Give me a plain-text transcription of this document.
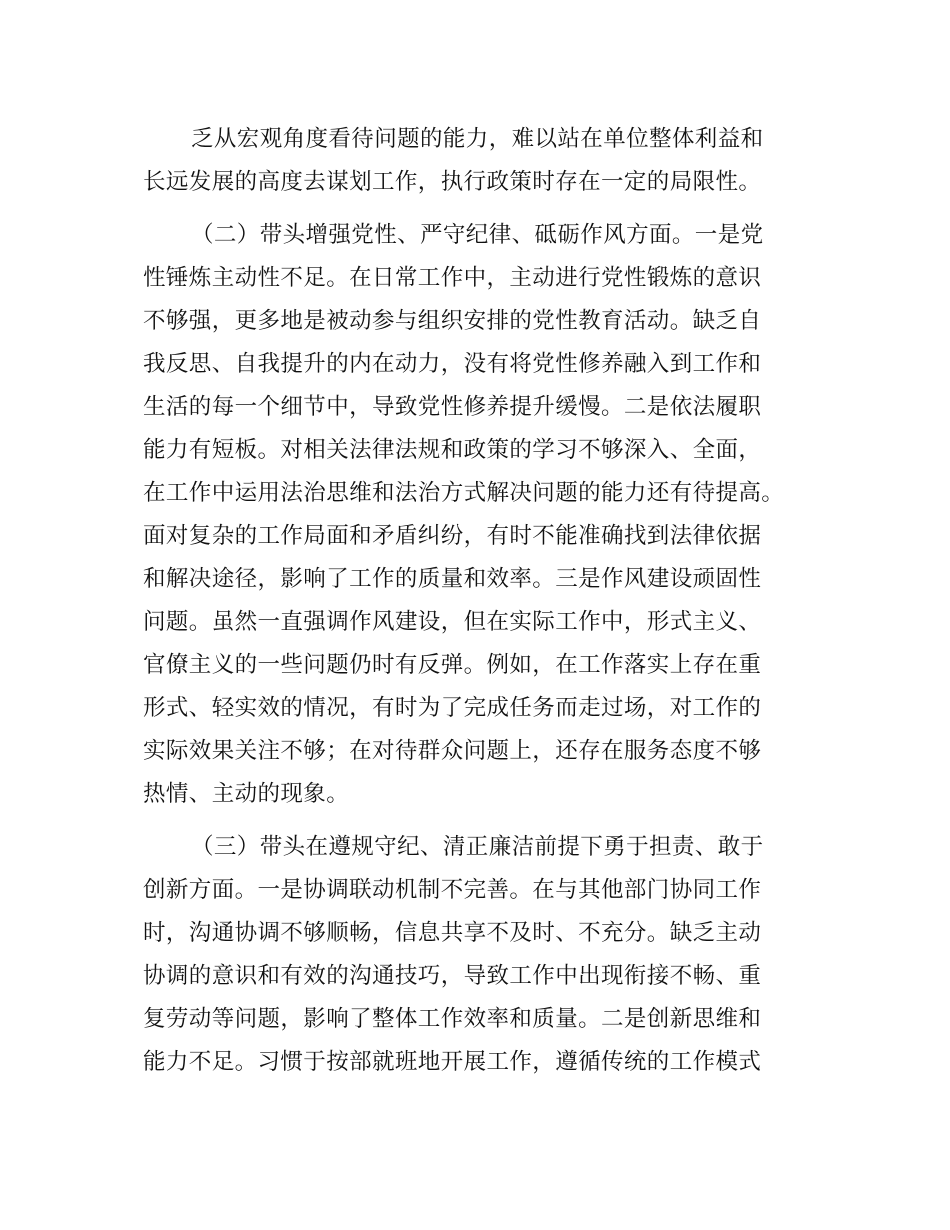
乏从宏观角度看待问题的能力，难以站在单位整体利益和
长远发展的高度去谋划工作，执行政策时存在一定的局限性。
（二）带头增强党性、严守纪律、砥砺作风方面。一是党
性锤炼主动性不足。在日常工作中，主动进行党性锻炼的意识
不够强，更多地是被动参与组织安排的党性教育活动。缺乏自
我反思、自我提升的内在动力，没有将党性修养融入到工作和
生活的每一个细节中，导致党性修养提升缓慢。二是依法履职
能力有短板。对相关法律法规和政策的学习不够深入、全面，
在工作中运用法治思维和法治方式解决问题的能力还有待提高。
面对复杂的工作局面和矛盾纠纷，有时不能准确找到法律依据
和解决途径，影响了工作的质量和效率。三是作风建设顽固性
问题。虽然一直强调作风建设，但在实际工作中，形式主义、
官僚主义的一些问题仍时有反弹。例如，在工作落实上存在重
形式、轻实效的情况，有时为了完成任务而走过场，对工作的
实际效果关注不够；在对待群众问题上，还存在服务态度不够
热情、主动的现象。
（三）带头在遵规守纪、清正廉洁前提下勇于担责、敢于
创新方面。一是协调联动机制不完善。在与其他部门协同工作
时，沟通协调不够顺畅，信息共享不及时、不充分。缺乏主动
协调的意识和有效的沟通技巧，导致工作中出现衔接不畅、重
复劳动等问题，影响了整体工作效率和质量。二是创新思维和
能力不足。习惯于按部就班地开展工作，遵循传统的工作模式
